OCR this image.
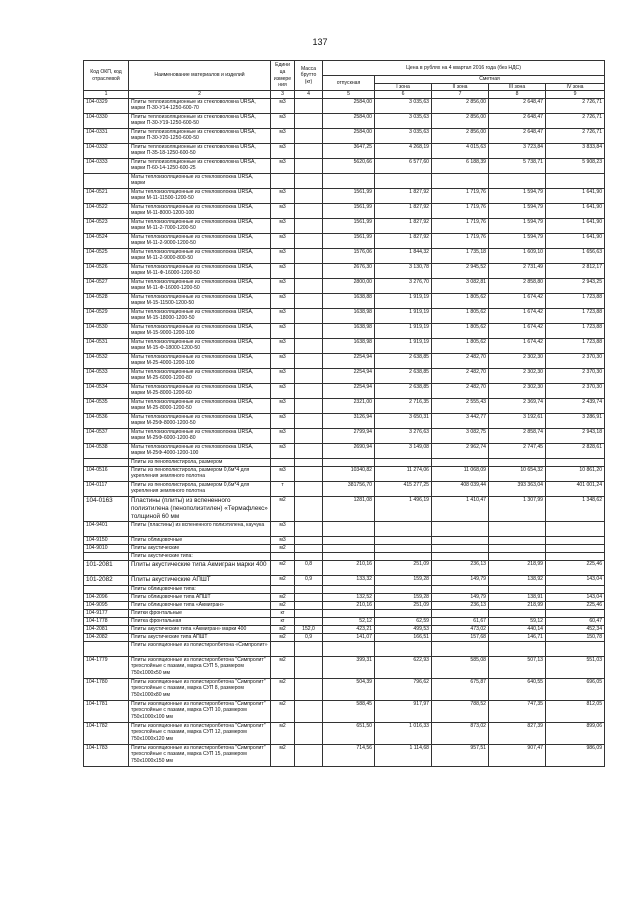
137
Код ОКП, код отраслевой	Наименование материалов и изделий	Едини ца измере ния	Масса брутто (кг)	Цена в рублях на 4 квартал 2016 года (без НДС)				
				отпускная	Сметная			
					I зона	II зона	III зона	IV зона
1	2	3	4	5	6	7	8	9
104-0329	Плиты теплоизоляционные из стекловолокна URSA, марки П-30-У14-1250-600-70	м3		2584,00	3 035,63	2 856,00	2 648,47	2 726,71
104-0330	Плиты теплоизоляционные из стекловолокна URSA, марки П-30-У19-1250-600-50	м3		2584,00	3 035,63	2 856,00	2 648,47	2 726,71
104-0331	Плиты теплоизоляционные из стекловолокна URSA, марки П-30-У20-1250-600-50	м3		2584,00	3 035,63	2 856,00	2 648,47	2 726,71
104-0332	Плиты теплоизоляционные из стекловолокна URSA, марки П-35-18-1250-600-50	м3		3647,25	4 268,19	4 015,63	3 723,84	3 833,84
104-0333	Плиты теплоизоляционные из стекловолокна URSA, марки П-60-14-1250-600-25	м3		5620,66	6 577,60	6 188,39	5 738,71	5 908,23
	Маты теплоизоляционные из стекловолокна URSA, марки							
104-0521	Маты теплоизоляционные из стекловолокна URSA, марки М-11-11500-1200-50	м3		1561,99	1 827,92	1 719,76	1 594,79	1 641,90
104-0522	Маты теплоизоляционные из стекловолокна URSA, марки М-11-8000-1200-100	м3		1561,99	1 827,92	1 719,76	1 594,79	1 641,90
104-0523	Маты теплоизоляционные из стекловолокна URSA, марки М-11-2-7000-1200-50	м3		1561,99	1 827,92	1 719,76	1 594,79	1 641,90
104-0524	Маты теплоизоляционные из стекловолокна URSA, марки М-11-2-9000-1200-50	м3		1561,99	1 827,92	1 719,76	1 594,79	1 641,90
104-0525	Маты теплоизоляционные из стекловолокна URSA, марки М-11-2-9000-800-50	м3		1576,06	1 844,32	1 735,18	1 609,10	1 656,63
104-0526	Маты теплоизоляционные из стекловолокна URSA, марки М-11-Ф-16000-1200-50	м3		2676,30	3 130,78	2 945,52	2 731,49	2 812,17
104-0527	Маты теплоизоляционные из стекловолокна URSA, марки М-11-Ф-16000-1200-50	м3		2800,00	3 276,70	3 082,81	2 858,80	2 943,25
104-0528	Маты теплоизоляционные из стекловолокна URSA, марки М-15-11500-1200-50	м3		1638,88	1 919,19	1 805,62	1 674,42	1 723,88
104-0529	Маты теплоизоляционные из стекловолокна URSA, марки М-15-18000-1200-50	м3		1638,98	1 919,19	1 805,62	1 674,42	1 723,88
104-0530	Маты теплоизоляционные из стекловолокна URSA, марки М-15-9000-1200-100	м3		1638,98	1 919,19	1 805,62	1 674,42	1 723,88
104-0531	Маты теплоизоляционные из стекловолокна URSA, марки М-15-Ф-18000-1200-50	м3		1638,98	1 919,19	1 805,62	1 674,42	1 723,88
104-0532	Маты теплоизоляционные из стекловолокна URSA, марки М-25-4000-1200-100	м3		2254,94	2 638,85	2 482,70	2 302,30	2 370,30
104-0533	Маты теплоизоляционные из стекловолокна URSA, марки М-25-6000-1200-80	м3		2254,94	2 638,85	2 482,70	2 302,30	2 370,30
104-0534	Маты теплоизоляционные из стекловолокна URSA, марки М-25-8000-1200-60	м3		2254,94	2 638,85	2 482,70	2 302,30	2 370,30
104-0535	Маты теплоизоляционные из стекловолокна URSA, марки М-25-8000-1200-50	м3		2321,00	2 716,35	2 555,43	2 369,74	2 439,74
104-0536	Маты теплоизоляционные из стекловолокна URSA, марки М-25Ф-8000-1200-50	м3		3126,94	3 650,31	3 442,77	3 192,61	3 286,91
104-0537	Маты теплоизоляционные из стекловолокна URSA, марки М-25Ф-6000-1200-80	м3		2799,94	3 276,63	3 082,75	2 858,74	2 943,18
104-0538	Маты теплоизоляционные из стекловолокна URSA, марки М-25Ф-4000-1200-100	м3		2690,94	3 149,08	2 962,74	2 747,45	2 828,61
	Плиты из пенополистирола, размером							
104-0516	Плиты из пенополистирола, размером 0,6м*4 для укрепления земляного полотна	м3		10340,82	11 274,06	11 068,09	10 654,32	10 861,20
104-0117	Плиты из пенополистирола, размером 0,6м*4 для укрепления земляного полотна	т		381756,70	415 277,25	408 039,44	393 363,04	401 001,24
104-0163	Пластины (плиты) из вспененного полиэтилена (пенополиэтилен) «Термафлекс» толщиной 60 мм	м2		1281,08	1 496,19	1 410,47	1 307,99	1 348,62
104-9401	Плиты (пластины) из вспененного полиэтилена, каучука	м3						
104-9150	Плиты облицовочные	м3						
104-9010	Плиты акустические	м2						
	Плиты акустические типа:							
101-2081	Плиты акустические типа Акмигран марки 400	м2	0,8	210,16	251,09	236,13	218,99	225,46
101-2082	Плиты акустические АПШТ	м2	0,9	133,32	159,28	149,79	138,92	143,04
	Плиты облицовочные типа:							
104-2096	Плиты облицовочные типа АПШТ	м2		132,52	159,28	149,79	138,91	143,04
104-9095	Плиты облицовочные типа «Акмигран»	м2		210,16	251,09	236,13	218,99	225,46
104-9177	Плитки фронтальные	кг						
104-1778	Плитка фронтальная	кг		52,12	62,59	61,67	59,12	60,47
104-2081	Плиты акустические типа «Акмигран» марки 400	м2	152,0	423,21	499,53	473,02	440,14	452,34
104-2082	Плиты акустические типа АПШТ	м2	0,9	141,07	166,51	157,68	146,71	150,78
	Плиты изоляционные из полистиролбетона «Симпролит»							
104-1779	Плиты изоляционные из полистиролбетона "Симпролит" трехслойные с пазами, марка СУП 5, размером 750х1000х50 мм	м2		399,31	622,93	585,08	507,13	551,03
104-1780	Плиты изоляционные из полистиролбетона "Симпролит" трехслойные с пазами, марка СУП 8, размером 750х1000х80 мм	м2		504,39	796,62	675,87	640,55	696,05
104-1781	Плиты изоляционные из полистиролбетона "Симпролит" трехслойные с пазами, марка СУП 10, размером 750х1000х100 мм	м2		588,45	917,97	788,52	747,35	812,05
104-1782	Плиты изоляционные из полистиролбетона "Симпролит" трехслойные с пазами, марка СУП 12, размером 750х1000х120 мм	м2		651,50	1 016,33	873,02	827,39	899,06
104-1783	Плиты изоляционные из полистиролбетона "Симпролит" трехслойные с пазами, марка СУП 15, размером 750х1000х150 мм	м2		714,56	1 114,68	957,51	907,47	986,09
